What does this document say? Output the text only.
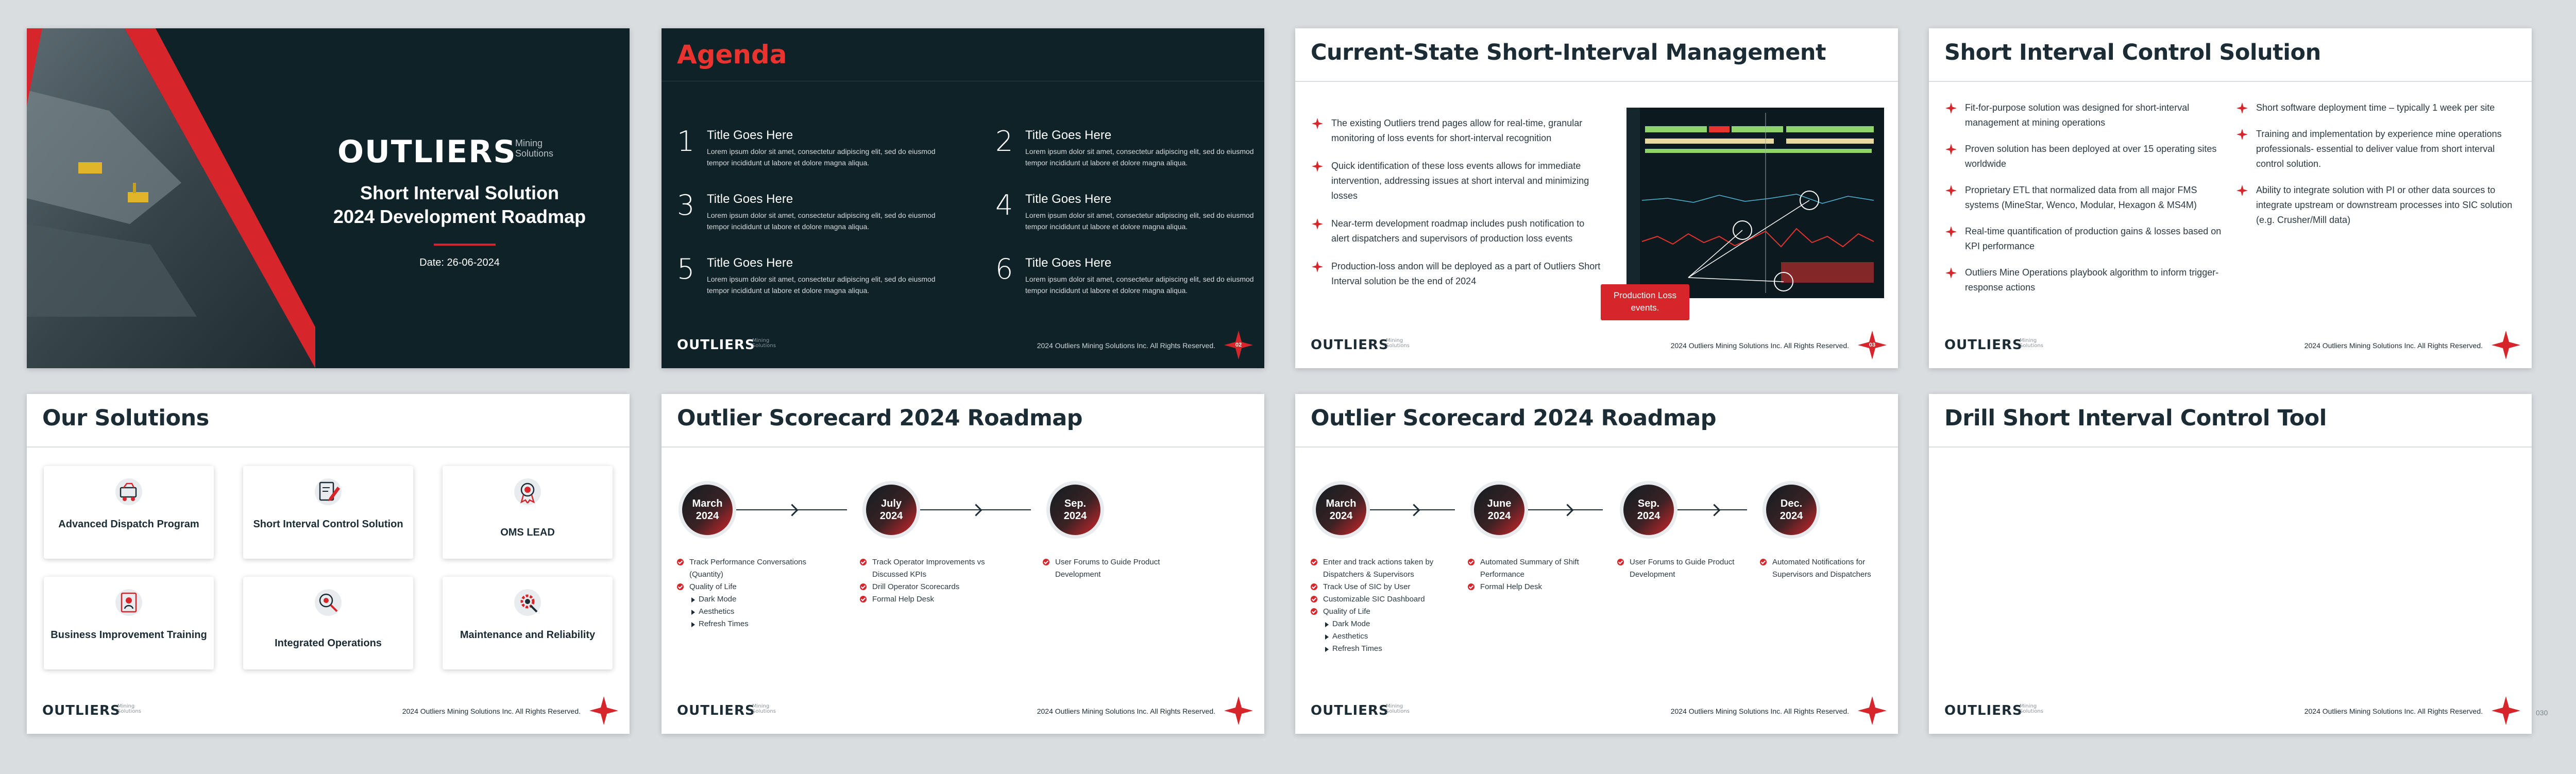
OUTLIERS
Mining
Solutions
Short Interval Solution
2024 Development Roadmap
Date: 26-06-2024
Agenda
1 Title Goes Here
Lorem ipsum dolor sit amet, consectetur adipiscing elit, sed do eiusmod tempor incididunt ut labore et dolore magna aliqua.
2 Title Goes Here
Lorem ipsum dolor sit amet, consectetur adipiscing elit, sed do eiusmod tempor incididunt ut labore et dolore magna aliqua.
3 Title Goes Here
Lorem ipsum dolor sit amet, consectetur adipiscing elit, sed do eiusmod tempor incididunt ut labore et dolore magna aliqua.
4 Title Goes Here
Lorem ipsum dolor sit amet, consectetur adipiscing elit, sed do eiusmod tempor incididunt ut labore et dolore magna aliqua.
5 Title Goes Here
Lorem ipsum dolor sit amet, consectetur adipiscing elit, sed do eiusmod tempor incididunt ut labore et dolore magna aliqua.
6 Title Goes Here
Lorem ipsum dolor sit amet, consectetur adipiscing elit, sed do eiusmod tempor incididunt ut labore et dolore magna aliqua.
OUTLIERS
Mining
Solutions	2024 Outliers Mining Solutions Inc. All Rights Reserved.	02
Current-State Short-Interval Management
The existing Outliers trend pages allow for real-time, granular monitoring of loss events for short-interval recognition
Quick identification of these loss events allows for immediate intervention, addressing issues at short interval and minimizing losses
Near-term development roadmap includes push notification to alert dispatchers and supervisors of production loss events
Production-loss andon will be deployed as a part of Outliers Short Interval solution be the end of 2024
Production Loss events.
OUTLIERS
Mining
Solutions	2024 Outliers Mining Solutions Inc. All Rights Reserved.	03
Short Interval Control Solution
Fit-for-purpose solution was designed for short-interval management at mining operations
Proven solution has been deployed at over 15 operating sites worldwide
Proprietary ETL that normalized data from all major FMS systems (MineStar, Wenco, Modular, Hexagon & MS4M)
Real-time quantification of production gains & losses based on KPI performance
Outliers Mine Operations playbook algorithm to inform trigger-response actions
Short software deployment time – typically 1 week per site
Training and implementation by experience mine operations professionals- essential to deliver value from short interval control solution.
Ability to integrate solution with PI or other data sources to integrate upstream or downstream processes into SIC solution (e.g. Crusher/Mill data)
OUTLIERS
Mining
Solutions	2024 Outliers Mining Solutions Inc. All Rights Reserved.
Our Solutions
Advanced Dispatch Program	Short Interval Control Solution
OMS LEAD
Business Improvement Training
Integrated Operations
Maintenance and Reliability
OUTLIERS
Mining
Solutions	2024 Outliers Mining Solutions Inc. All Rights Reserved.
Outlier Scorecard 2024 Roadmap
March
2024
July
2024
Sep.
2024
Track Performance Conversations (Quantity)
Quality of Life
Dark Mode
Aesthetics
Refresh Times
Track Operator Improvements vs Discussed KPIs
Drill Operator Scorecards
Formal Help Desk
User Forums to Guide Product Development
OUTLIERS
Mining
Solutions	2024 Outliers Mining Solutions Inc. All Rights Reserved.
Outlier Scorecard 2024 Roadmap
March
2024
June
2024
Sep.
2024
Dec.
2024
Enter and track actions taken by Dispatchers & Supervisors
Track Use of SIC by User
Customizable SIC Dashboard
Quality of Life
Dark Mode
Aesthetics
Refresh Times
Automated Summary of Shift Performance
Formal Help Desk
User Forums to Guide Product Development
Automated Notifications for Supervisors and Dispatchers
OUTLIERS
Mining
Solutions	2024 Outliers Mining Solutions Inc. All Rights Reserved.
Drill Short Interval Control Tool
OUTLIERS
Mining
Solutions	2024 Outliers Mining Solutions Inc. All Rights Reserved.	030
